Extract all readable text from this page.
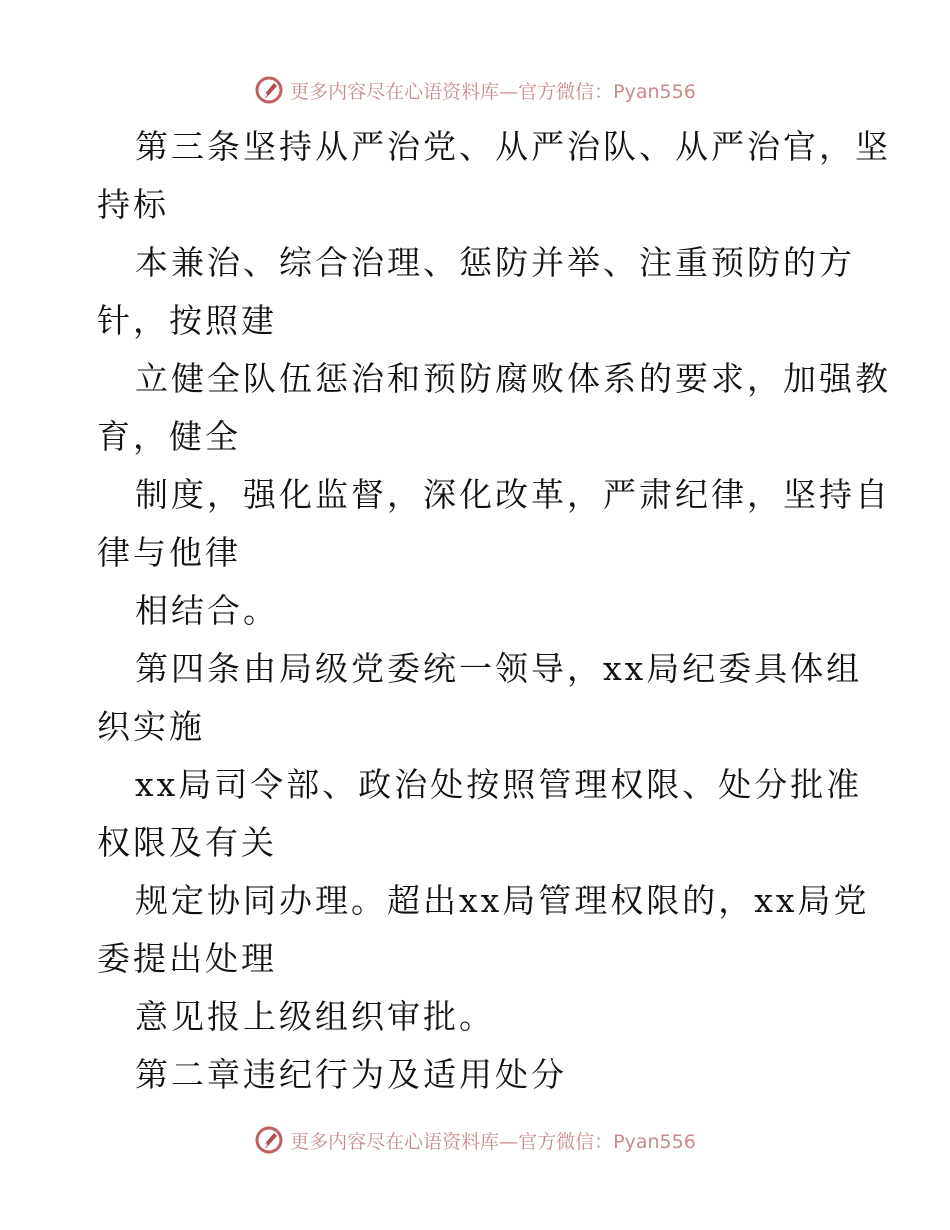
更多内容尽在心语资料库—官方微信：Pyan556
第三条坚持从严治党、从严治队、从严治官，坚
持标
本兼治、综合治理、惩防并举、注重预防的方
针，按照建
立健全队伍惩治和预防腐败体系的要求，加强教
育，健全
制度，强化监督，深化改革，严肃纪律，坚持自
律与他律
相结合。
第四条由局级党委统一领导，xx局纪委具体组
织实施
xx局司令部、政治处按照管理权限、处分批准
权限及有关
规定协同办理。超出xx局管理权限的，xx局党
委提出处理
意见报上级组织审批。
第二章违纪行为及适用处分
更多内容尽在心语资料库—官方微信：Pyan556
